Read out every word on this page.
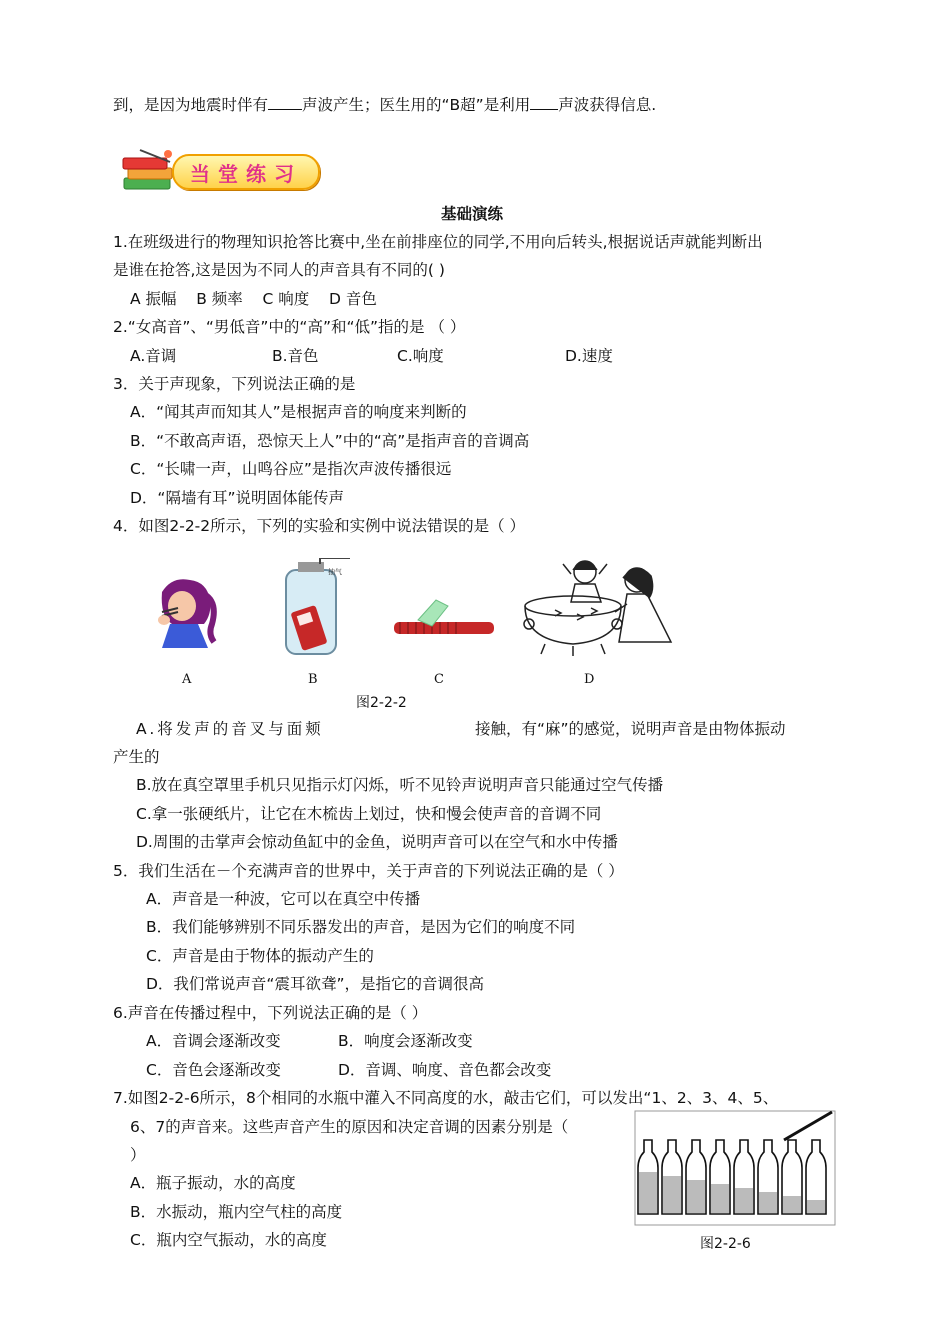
到，是因为地震时伴有 声波产生；医生用的“B超”是利用 声波获得信息.
当堂练习
基础演练
1.在班级进行的物理知识抢答比赛中,坐在前排座位的同学,不用向后转头,根据说话声就能判断出
是谁在抢答,这是因为不同人的声音具有不同的( )
A 振幅    B 频率    C 响度    D 音色
2.“女高音”、“男低音”中的“高”和“低”指的是 （ ）
A.音调	B.音色	C.响度	D.速度
3．关于声现象，下列说法正确的是
A．“闻其声而知其人”是根据声音的响度来判断的
B．“不敢高声语，恐惊天上人”中的“高”是指声音的音调高
C．“长啸一声，山鸣谷应”是指次声波传播很远
D．“隔墙有耳”说明固体能传声
4．如图2-2-2所示，下列的实验和实例中说法错误的是（ ）
抽气
A	B	C	D
图2-2-2
A.将发声的音叉与面颊	接触，有“麻”的感觉，说明声音是由物体振动
产生的
B.放在真空罩里手机只见指示灯闪烁，听不见铃声说明声音只能通过空气传播
C.拿一张硬纸片，让它在木梳齿上划过，快和慢会使声音的音调不同
D.周围的击掌声会惊动鱼缸中的金鱼，说明声音可以在空气和水中传播
5．我们生活在－个充满声音的世界中，关于声音的下列说法正确的是（ ）
A．声音是一种波，它可以在真空中传播
B．我们能够辨别不同乐器发出的声音，是因为它们的响度不同
C．声音是由于物体的振动产生的
D．我们常说声音“震耳欲聋”，是指它的音调很高
6.声音在传播过程中，下列说法正确的是（ ）
A．音调会逐渐改变	B．响度会逐渐改变
C．音色会逐渐改变	D．音调、响度、音色都会改变
7.如图2-2-6所示，8个相同的水瓶中灌入不同高度的水，敲击它们，可以发出“1、2、3、4、5、
6、7的声音来。这些声音产生的原因和决定音调的因素分别是（
）
A．瓶子振动，水的高度
B．水振动，瓶内空气柱的高度
C．瓶内空气振动，水的高度	图2-2-6
